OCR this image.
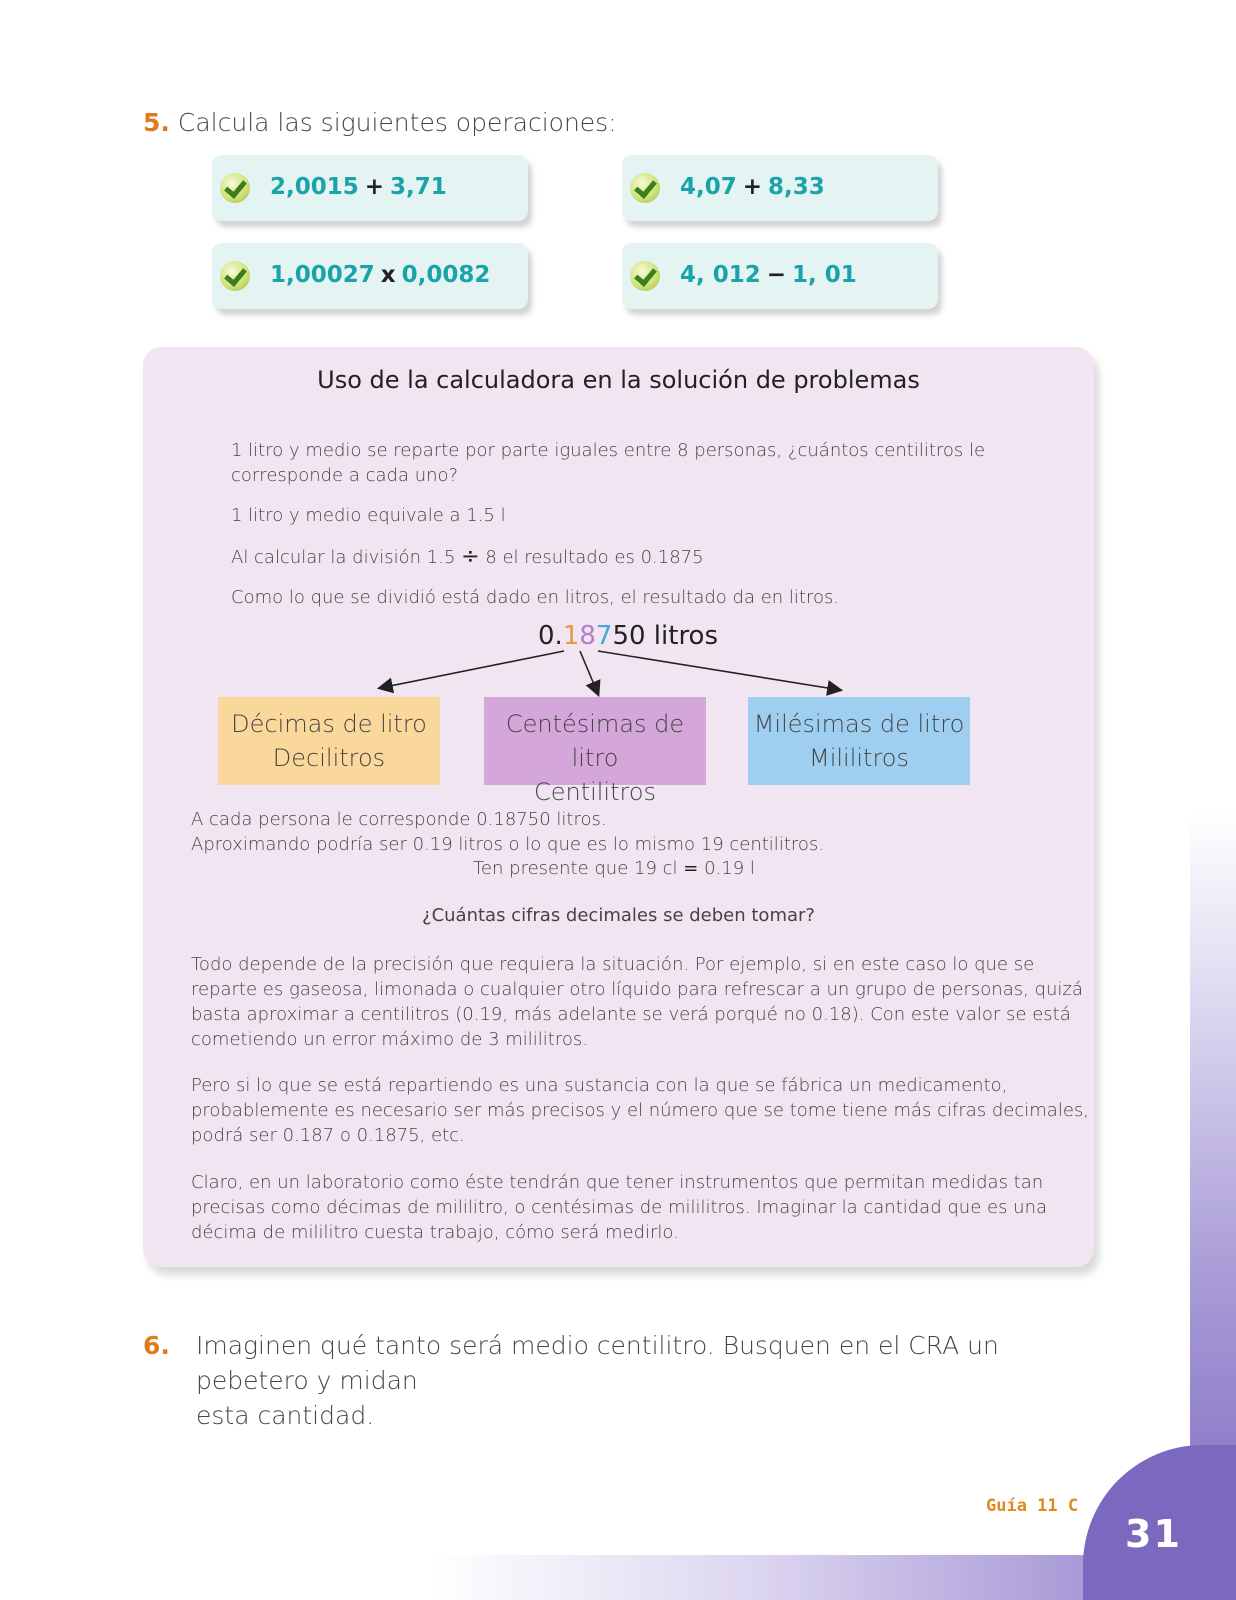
31
Guía 11 C
5. Calcula las siguientes operaciones:
2,0015 + 3,71	4,07 + 8,33
1,00027 x 0,0082	4, 012 − 1, 01
Uso de la calculadora en la solución de problemas
1 litro y medio se reparte por parte iguales entre 8 personas, ¿cuántos centilitros le
corresponde a cada uno?
1 litro y medio equivale a 1.5 l
Al calcular la división 1.5 ÷ 8 el resultado es 0.1875
Como lo que se dividió está dado en litros, el resultado da en litros.
0.18750 litros
Décimas de litro
Decilitros
Centésimas de litro
Centilitros
Milésimas de litro
Mililitros
A cada persona le corresponde 0.18750 litros.
Aproximando podría ser 0.19 litros o lo que es lo mismo 19 centilitros.
Ten presente que 19 cl = 0.19 l
¿Cuántas cifras decimales se deben tomar?
Todo depende de la precisión que requiera la situación. Por ejemplo, si en este caso lo que se
reparte es gaseosa, limonada o cualquier otro líquido para refrescar a un grupo de personas, quizá
basta aproximar a centilitros (0.19, más adelante se verá porqué no 0.18). Con este valor se está
cometiendo un error máximo de 3 mililitros.
Pero si lo que se está repartiendo es una sustancia con la que se fábrica un medicamento,
probablemente es necesario ser más precisos y el número que se tome tiene más cifras decimales,
podrá ser 0.187 o 0.1875, etc.
Claro, en un laboratorio como éste tendrán que tener instrumentos que permitan medidas tan
precisas como décimas de mililitro, o centésimas de mililitros. Imaginar la cantidad que es una
décima de mililitro cuesta trabajo, cómo será medirlo.
6. Imaginen qué tanto será medio centilitro. Busquen en el CRA un pebetero y midan
esta cantidad.
